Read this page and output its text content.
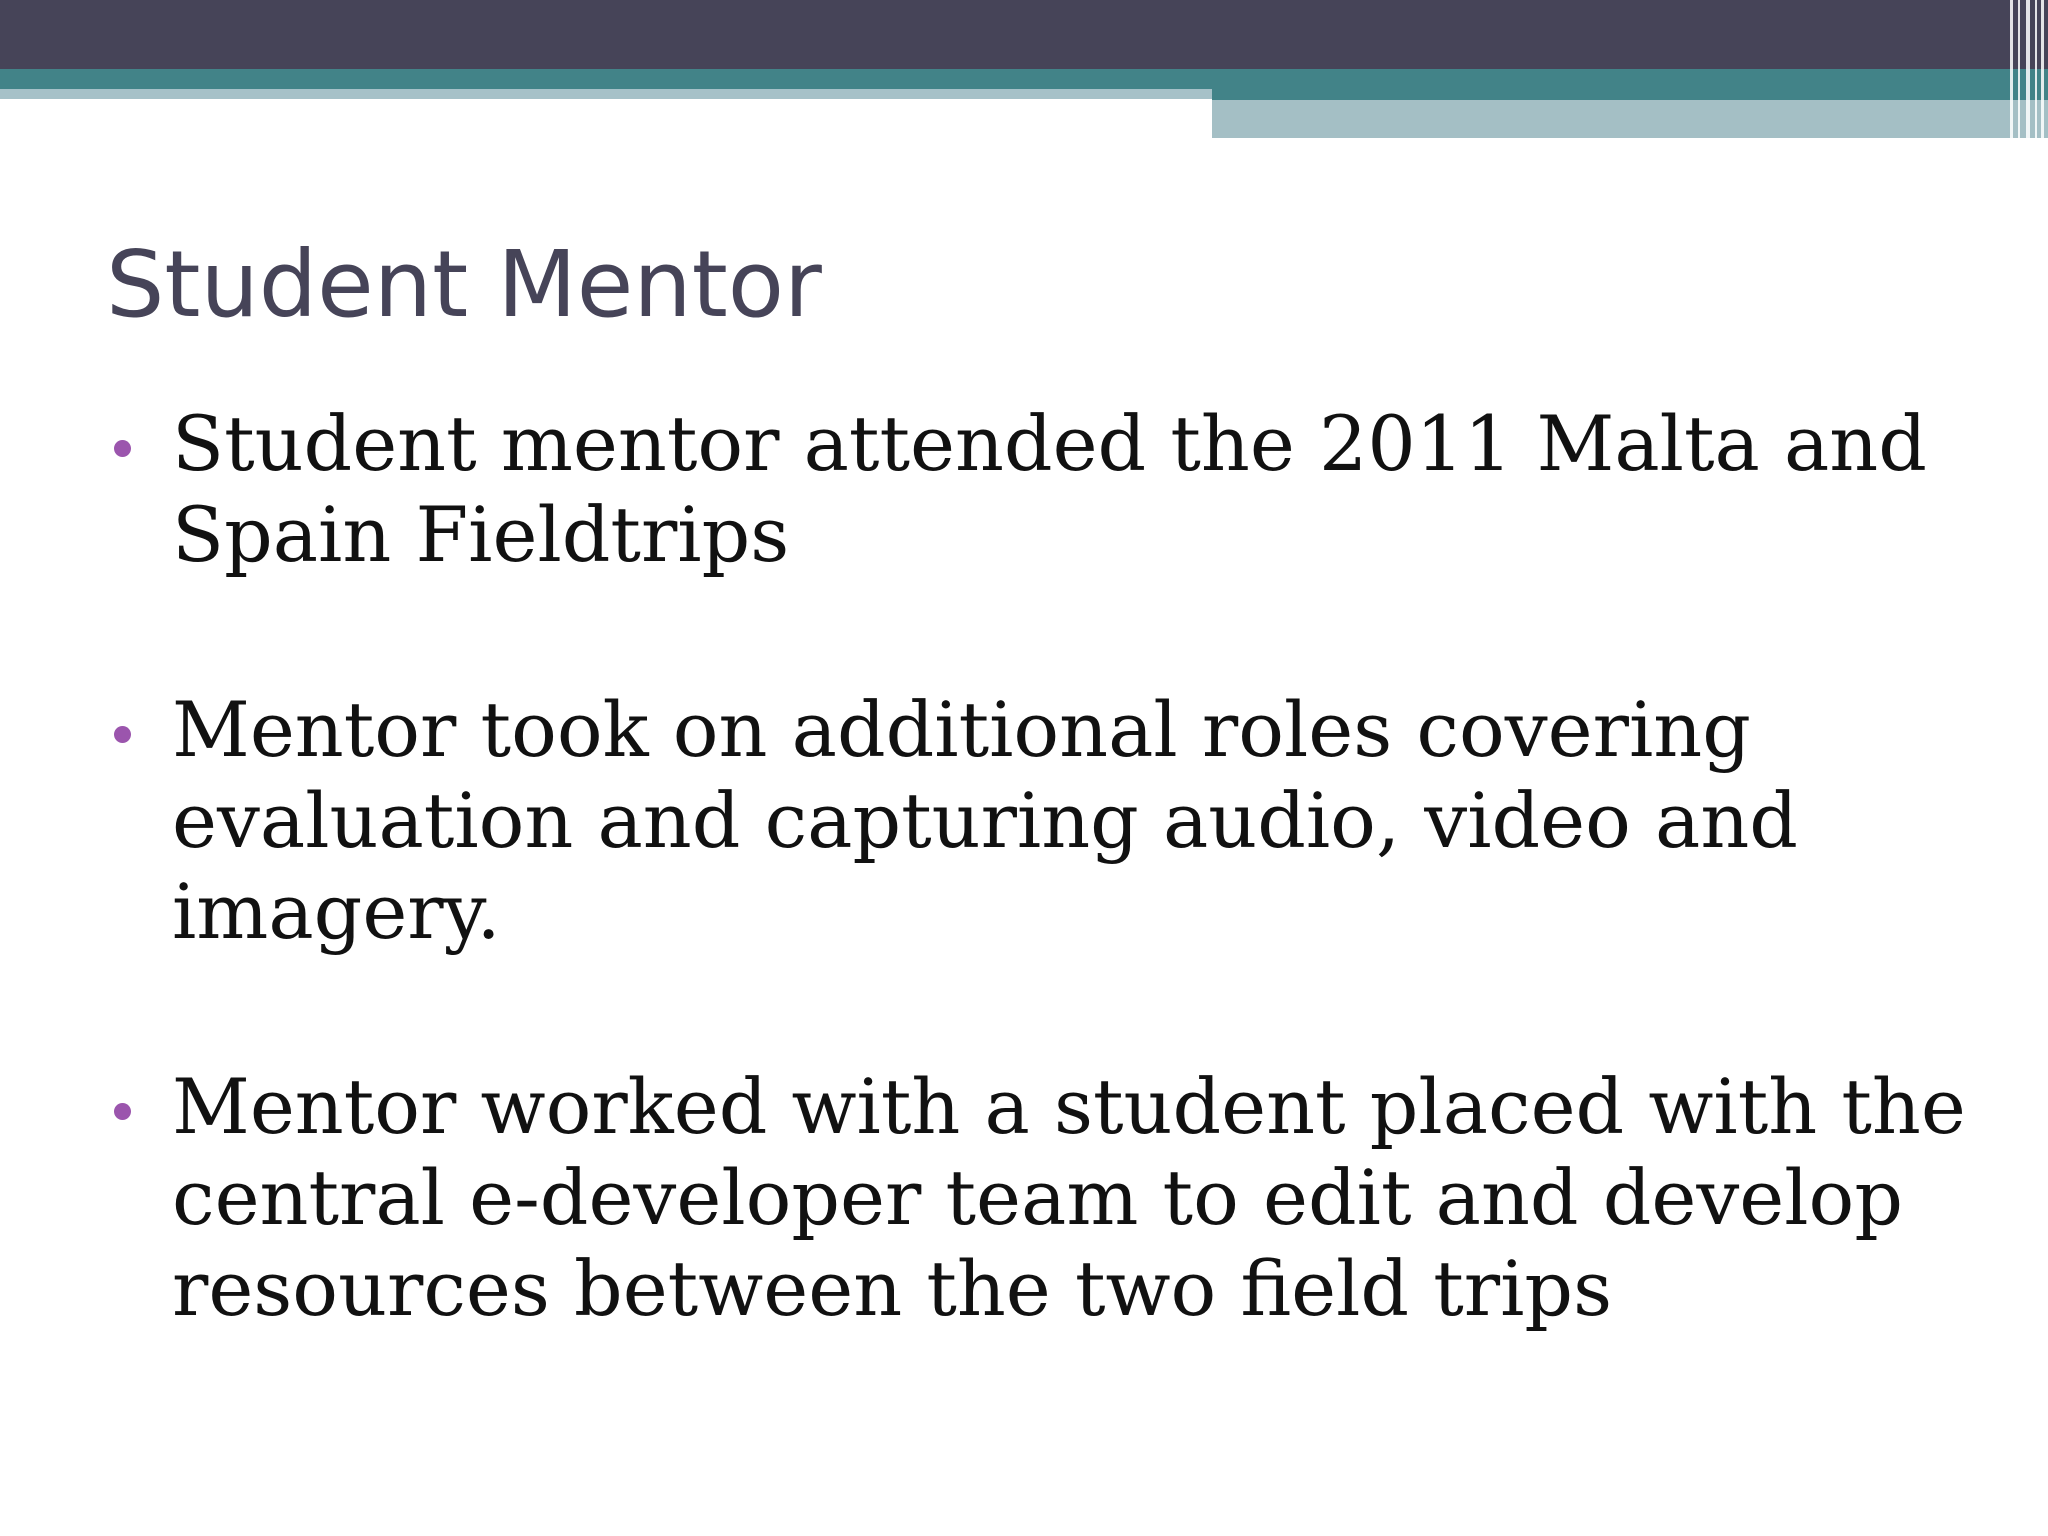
Student Mentor
Student mentor attended the 2011 Malta and Spain Fieldtrips
Mentor took on additional roles covering evaluation and capturing audio, video and imagery.
Mentor worked with a student placed with the central e-developer team to edit and develop resources between the two field trips
